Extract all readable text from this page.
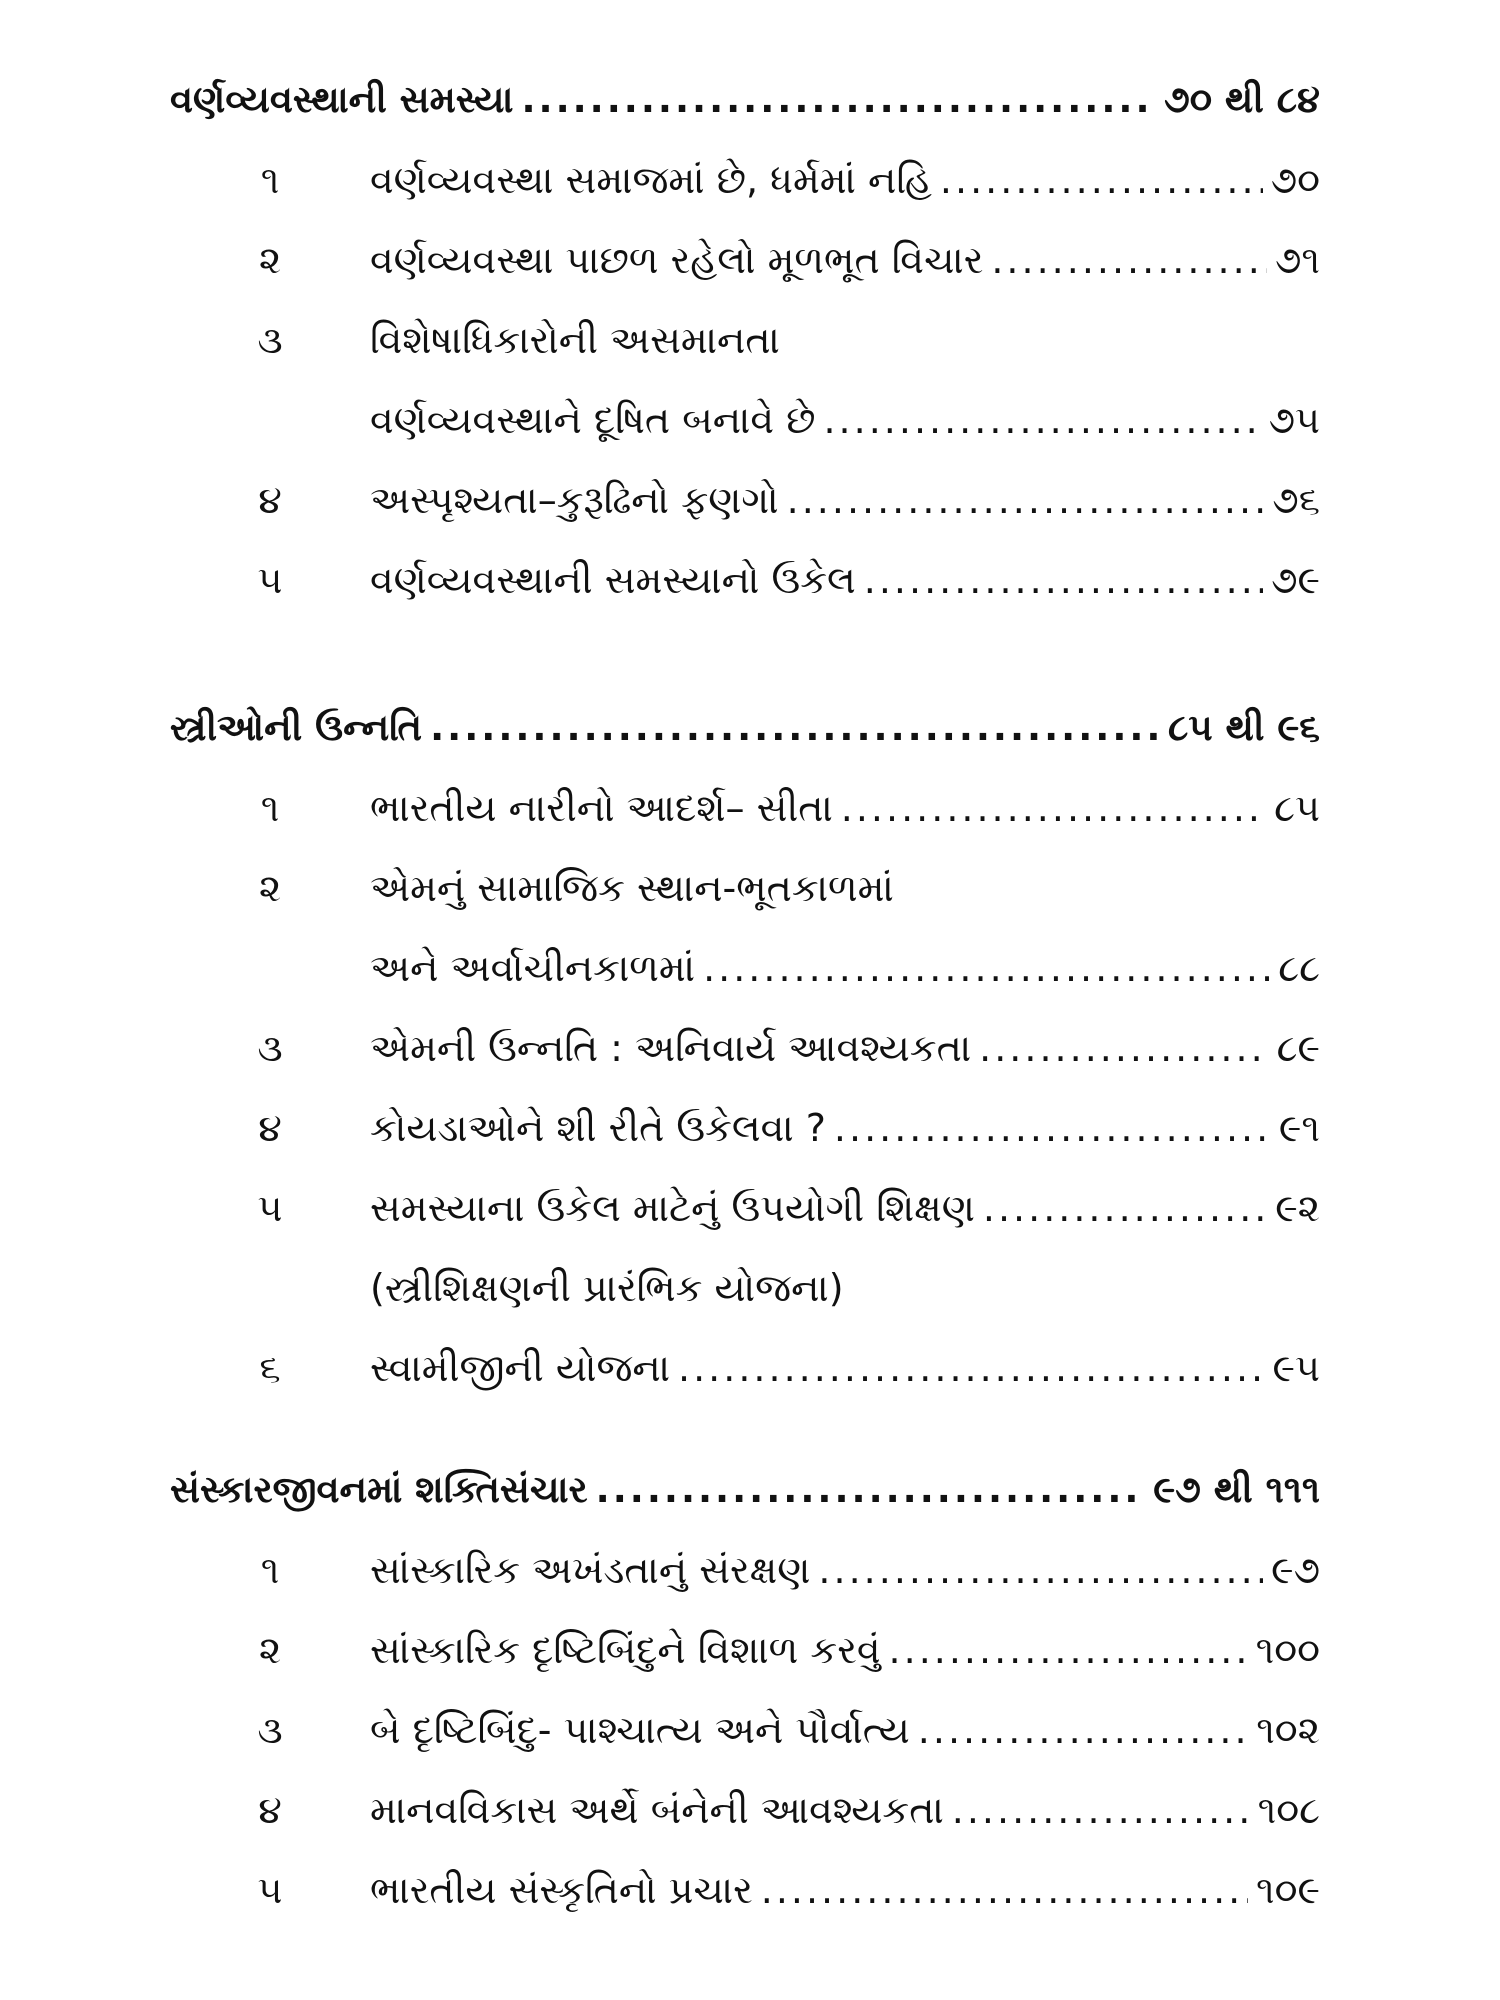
વર્ણવ્યવસ્થાની સમસ્યા .....	૭૦ થી ૮૪
૧	વર્ણવ્યવસ્થા સમાજમાં છે, ધર્મમાં નહિ .....	૭૦
૨	વર્ણવ્યવસ્થા પાછળ રહેલો મૂળભૂત વિચાર .....	૭૧
૩	વિશેષાધિકારોની અસમાનતા
વર્ણવ્યવસ્થાને દૂષિત બનાવે છે .....	૭૫
૪	અસ્પૃશ્યતા–કુરૂઢિનો ફણગો .....	૭૬
૫	વર્ણવ્યવસ્થાની સમસ્યાનો ઉકેલ .....	૭૯
સ્ત્રીઓની ઉન્નતિ .....	૮૫ થી ૯૬
૧	ભારતીય નારીનો આદર્શ– સીતા .....	૮૫
૨	એમનું સામાજિક સ્થાન-ભૂતકાળમાં
અને અર્વાચીનકાળમાં .....	૮૮
૩	એમની ઉન્નતિ : અનિવાર્ય આવશ્યકતા .....	૮૯
૪	કોયડાઓને શી રીતે ઉકેલવા ? .....	૯૧
૫	સમસ્યાના ઉકેલ માટેનું ઉપયોગી શિક્ષણ .....	૯૨
(સ્ત્રીશિક્ષણની પ્રારંભિક યોજના)
૬	સ્વામીજીની યોજના .....	૯૫
સંસ્કારજીવનમાં શક્તિસંચાર .....	૯૭ થી ૧૧૧
૧	સાંસ્કારિક અખંડતાનું સંરક્ષણ .....	૯૭
૨	સાંસ્કારિક દૃષ્ટિબિંદુને વિશાળ કરવું .....	૧૦૦
૩	બે દૃષ્ટિબિંદુ- પાશ્ચાત્ય અને પૌર્વાત્ય .....	૧૦૨
૪	માનવવિકાસ અર્થે બંનેની આવશ્યકતા .....	૧૦૮
૫	ભારતીય સંસ્કૃતિનો પ્રચાર .....	૧૦૯
